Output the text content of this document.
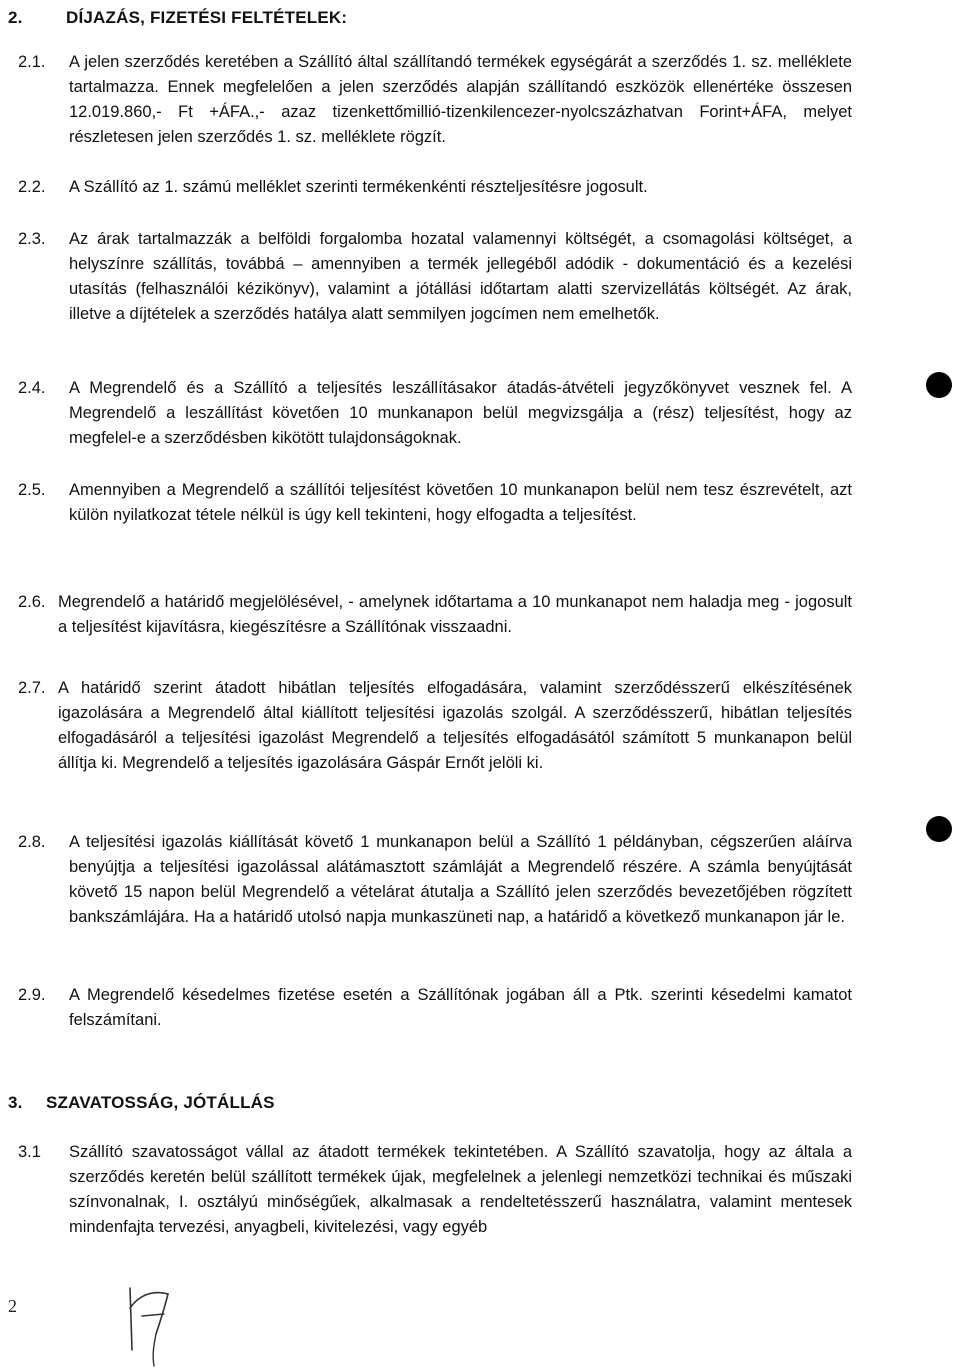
2.	DÍJAZÁS, FIZETÉSI FELTÉTELEK:
2.1. A jelen szerződés keretében a Szállító által szállítandó termékek egységárát a szerződés 1. sz. melléklete tartalmazza. Ennek megfelelően a jelen szerződés alapján szállítandó eszközök ellenértéke összesen 12.019.860,- Ft +ÁFA.,- azaz tizenkettőmillió-tizenkilencezer-nyolcszázhatvan Forint+ÁFA, melyet részletesen jelen szerződés 1. sz. melléklete rögzít.
2.2. A Szállító az 1. számú melléklet szerinti termékenkénti részteljesítésre jogosult.
2.3. Az árak tartalmazzák a belföldi forgalomba hozatal valamennyi költségét, a csomagolási költséget, a helyszínre szállítás, továbbá – amennyiben a termék jellegéből adódik - dokumentáció és a kezelési utasítás (felhasználói kézikönyv), valamint a jótállási időtartam alatti szervizellátás költségét. Az árak, illetve a díjtételek a szerződés hatálya alatt semmilyen jogcímen nem emelhetők.
2.4. A Megrendelő és a Szállító a teljesítés leszállításakor átadás-átvételi jegyzőkönyvet vesznek fel. A Megrendelő a leszállítást követően 10 munkanapon belül megvizsgálja a (rész) teljesítést, hogy az megfelel-e a szerződésben kikötött tulajdonságoknak.
2.5. Amennyiben a Megrendelő a szállítói teljesítést követően 10 munkanapon belül nem tesz észrevételt, azt külön nyilatkozat tétele nélkül is úgy kell tekinteni, hogy elfogadta a teljesítést.
2.6. Megrendelő a határidő megjelölésével, - amelynek időtartama a 10 munkanapot nem haladja meg - jogosult a teljesítést kijavításra, kiegészítésre a Szállítónak visszaadni.
2.7. A határidő szerint átadott hibátlan teljesítés elfogadására, valamint szerződésszerű elkészítésének igazolására a Megrendelő által kiállított teljesítési igazolás szolgál. A szerződésszerű, hibátlan teljesítés elfogadásáról a teljesítési igazolást Megrendelő a teljesítés elfogadásától számított 5 munkanapon belül állítja ki. Megrendelő a teljesítés igazolására Gáspár Ernőt jelöli ki.
2.8. A teljesítési igazolás kiállítását követő 1 munkanapon belül a Szállító 1 példányban, cégszerűen aláírva benyújtja a teljesítési igazolással alátámasztott számláját a Megrendelő részére. A számla benyújtását követő 15 napon belül Megrendelő a vételárat átutalja a Szállító jelen szerződés bevezetőjében rögzített bankszámlájára. Ha a határidő utolsó napja munkaszüneti nap, a határidő a következő munkanapon jár le.
2.9. A Megrendelő késedelmes fizetése esetén a Szállítónak jogában áll a Ptk. szerinti késedelmi kamatot felszámítani.
3. SZAVATOSSÁG, JÓTÁLLÁS
3.1 Szállító szavatosságot vállal az átadott termékek tekintetében. A Szállító szavatolja, hogy az általa a szerződés keretén belül szállított termékek újak, megfelelnek a jelenlegi nemzetközi technikai és műszaki színvonalnak, I. osztályú minőségűek, alkalmasak a rendeltetésszerű használatra, valamint mentesek mindenfajta tervezési, anyagbeli, kivitelezési, vagy egyéb
2
